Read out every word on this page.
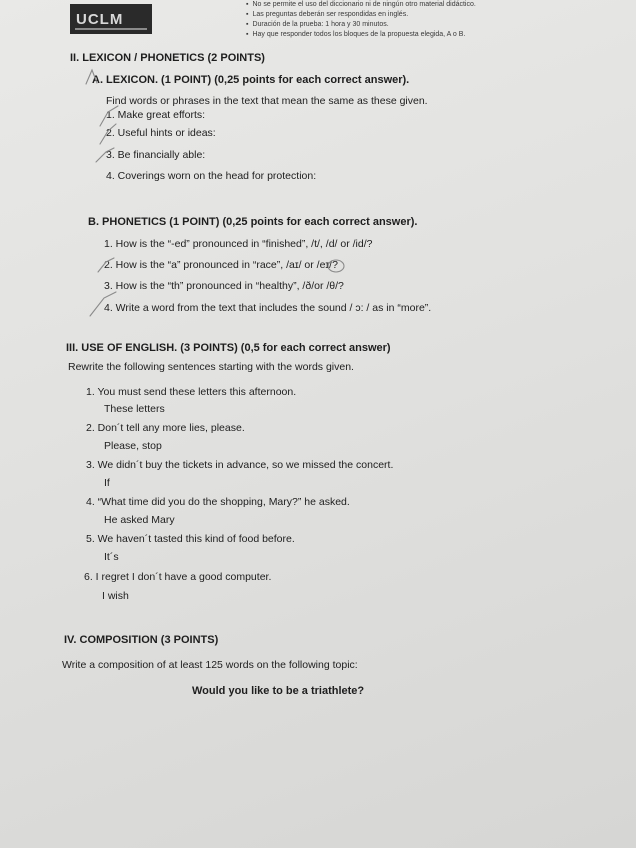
UCLM
▪ No se permite el uso del diccionario ni de ningún otro material didáctico.
▪ Las preguntas deberán ser respondidas en inglés.
▪ Duración de la prueba: 1 hora y 30 minutos.
▪ Hay que responder todos los bloques de la propuesta elegida, A o B.
II. LEXICON / PHONETICS (2 POINTS)
A. LEXICON. (1 POINT) (0,25 points for each correct answer).
Find words or phrases in the text that mean the same as these given.
1. Make great efforts:
2. Useful hints or ideas:
3. Be financially able:
4. Coverings worn on the head for protection:
B. PHONETICS (1 POINT) (0,25 points for each correct answer).
1. How is the “-ed” pronounced in “finished”, /t/, /d/ or /id/?
2. How is the “a” pronounced in “race”, /aɪ/ or /eɪ/?
3. How is the “th” pronounced in “healthy”, /ð/or /θ/?
4. Write a word from the text that includes the sound / ɔ: / as in “more”.
III. USE OF ENGLISH. (3 POINTS) (0,5 for each correct answer)
Rewrite the following sentences starting with the words given.
1. You must send these letters this afternoon.
These letters
2. Don´t tell any more lies, please.
Please, stop
3. We didn´t buy the tickets in advance, so we missed the concert.
If
4. “What time did you do the shopping, Mary?” he asked.
He asked Mary
5. We haven´t tasted this kind of food before.
It´s
6. I regret I don´t have a good computer.
I wish
IV. COMPOSITION (3 POINTS)
Write a composition of at least 125 words on the following topic:
Would you like to be a triathlete?
